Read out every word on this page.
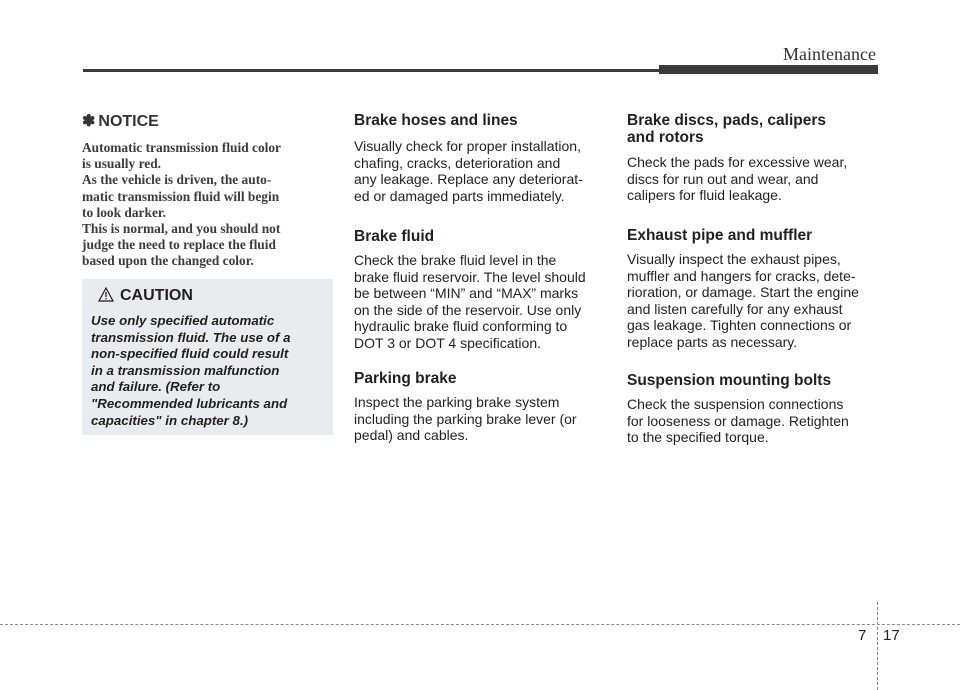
Maintenance
✽ NOTICE
Automatic transmission fluid color
is usually red.
As the vehicle is driven, the auto-
matic transmission fluid will begin
to look darker.
This is normal, and you should not
judge the need to replace the fluid
based upon the changed color.
CAUTION
Use only specified automatic
transmission fluid. The use of a
non-specified fluid could result
in a transmission malfunction
and failure. (Refer to
"Recommended lubricants and
capacities" in chapter 8.)
Brake hoses and lines
Visually check for proper installation,
chafing, cracks, deterioration and
any leakage. Replace any deteriorat-
ed or damaged parts immediately.
Brake fluid
Check the brake fluid level in the
brake fluid reservoir. The level should
be between “MIN” and “MAX” marks
on the side of the reservoir. Use only
hydraulic brake fluid conforming to
DOT 3 or DOT 4 specification.
Parking brake
Inspect the parking brake system
including the parking brake lever (or
pedal) and cables.
Brake discs, pads, calipers
and rotors
Check the pads for excessive wear,
discs for run out and wear, and
calipers for fluid leakage.
Exhaust pipe and muffler
Visually inspect the exhaust pipes,
muffler and hangers for cracks, dete-
rioration, or damage. Start the engine
and listen carefully for any exhaust
gas leakage. Tighten connections or
replace parts as necessary.
Suspension mounting bolts
Check the suspension connections
for looseness or damage. Retighten
to the specified torque.
7 17
